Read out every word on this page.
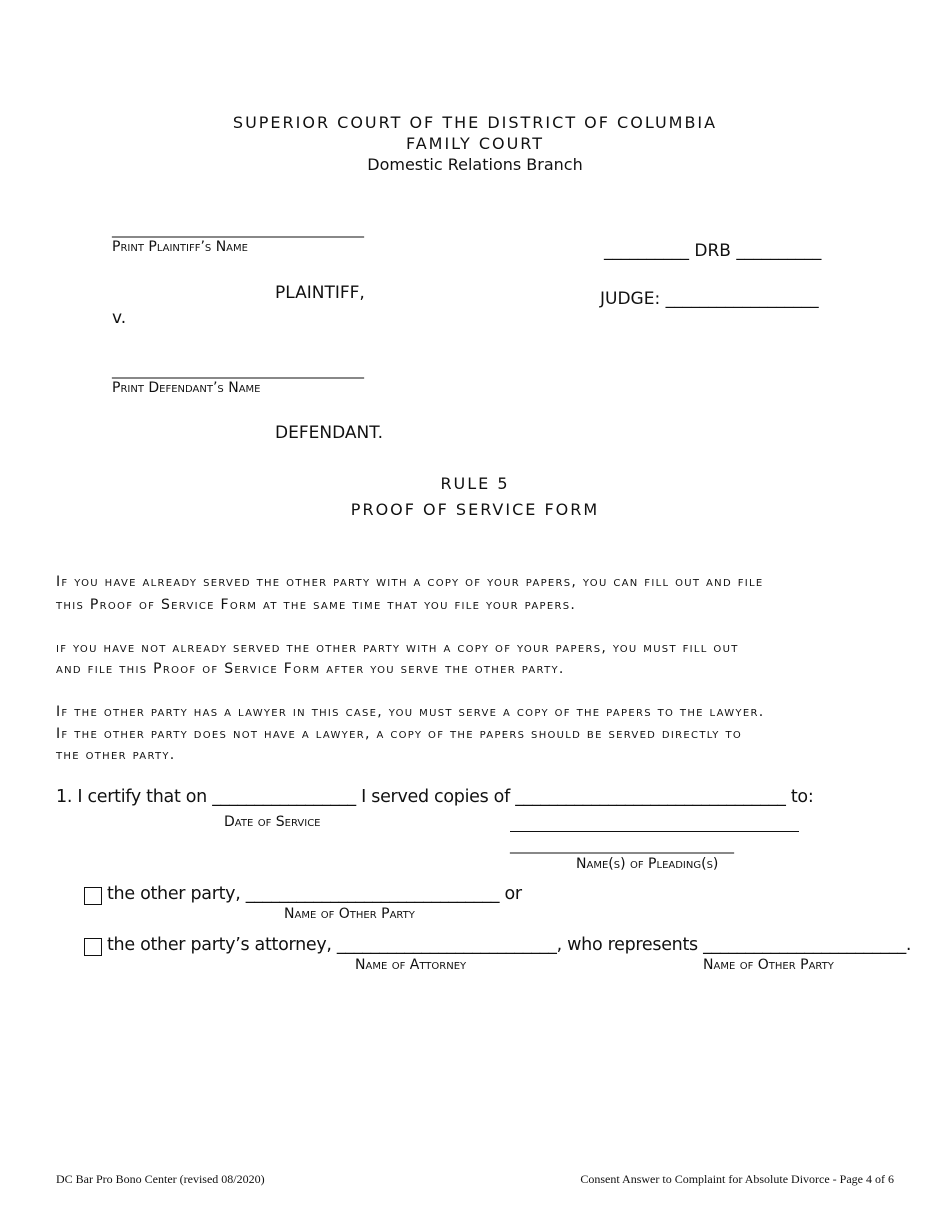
SUPERIOR COURT OF THE DISTRICT OF COLUMBIA
FAMILY COURT
Domestic Relations Branch
____________________________________
Print Plaintiff’s Name
PLAINTIFF,
v.
____________________________________
Print Defendant’s Name
DEFENDANT.
__________ DRB __________
JUDGE: __________________
RULE 5
PROOF OF SERVICE FORM
If you have already served the other party with a copy of your papers, you can fill out and file
this Proof of Service Form at the same time that you file your papers.
if you have not already served the other party with a copy of your papers, you must fill out
and file this Proof of Service Form after you serve the other party.
If the other party has a lawyer in this case, you must serve a copy of the papers to the lawyer.
If the other party does not have a lawyer, a copy of the papers should be served directly to
the other party.
1. I certify that on _________________ I served copies of ________________________________ to:
Date of Service
________________________________
Name(s) of Pleading(s)
the other party, ______________________________ or
Name of Other Party
the other party’s attorney, __________________________, who represents ________________________.
Name of Attorney	Name of Other Party
DC Bar Pro Bono Center (revised 08/2020)	Consent Answer to Complaint for Absolute Divorce - Page 4 of 6
